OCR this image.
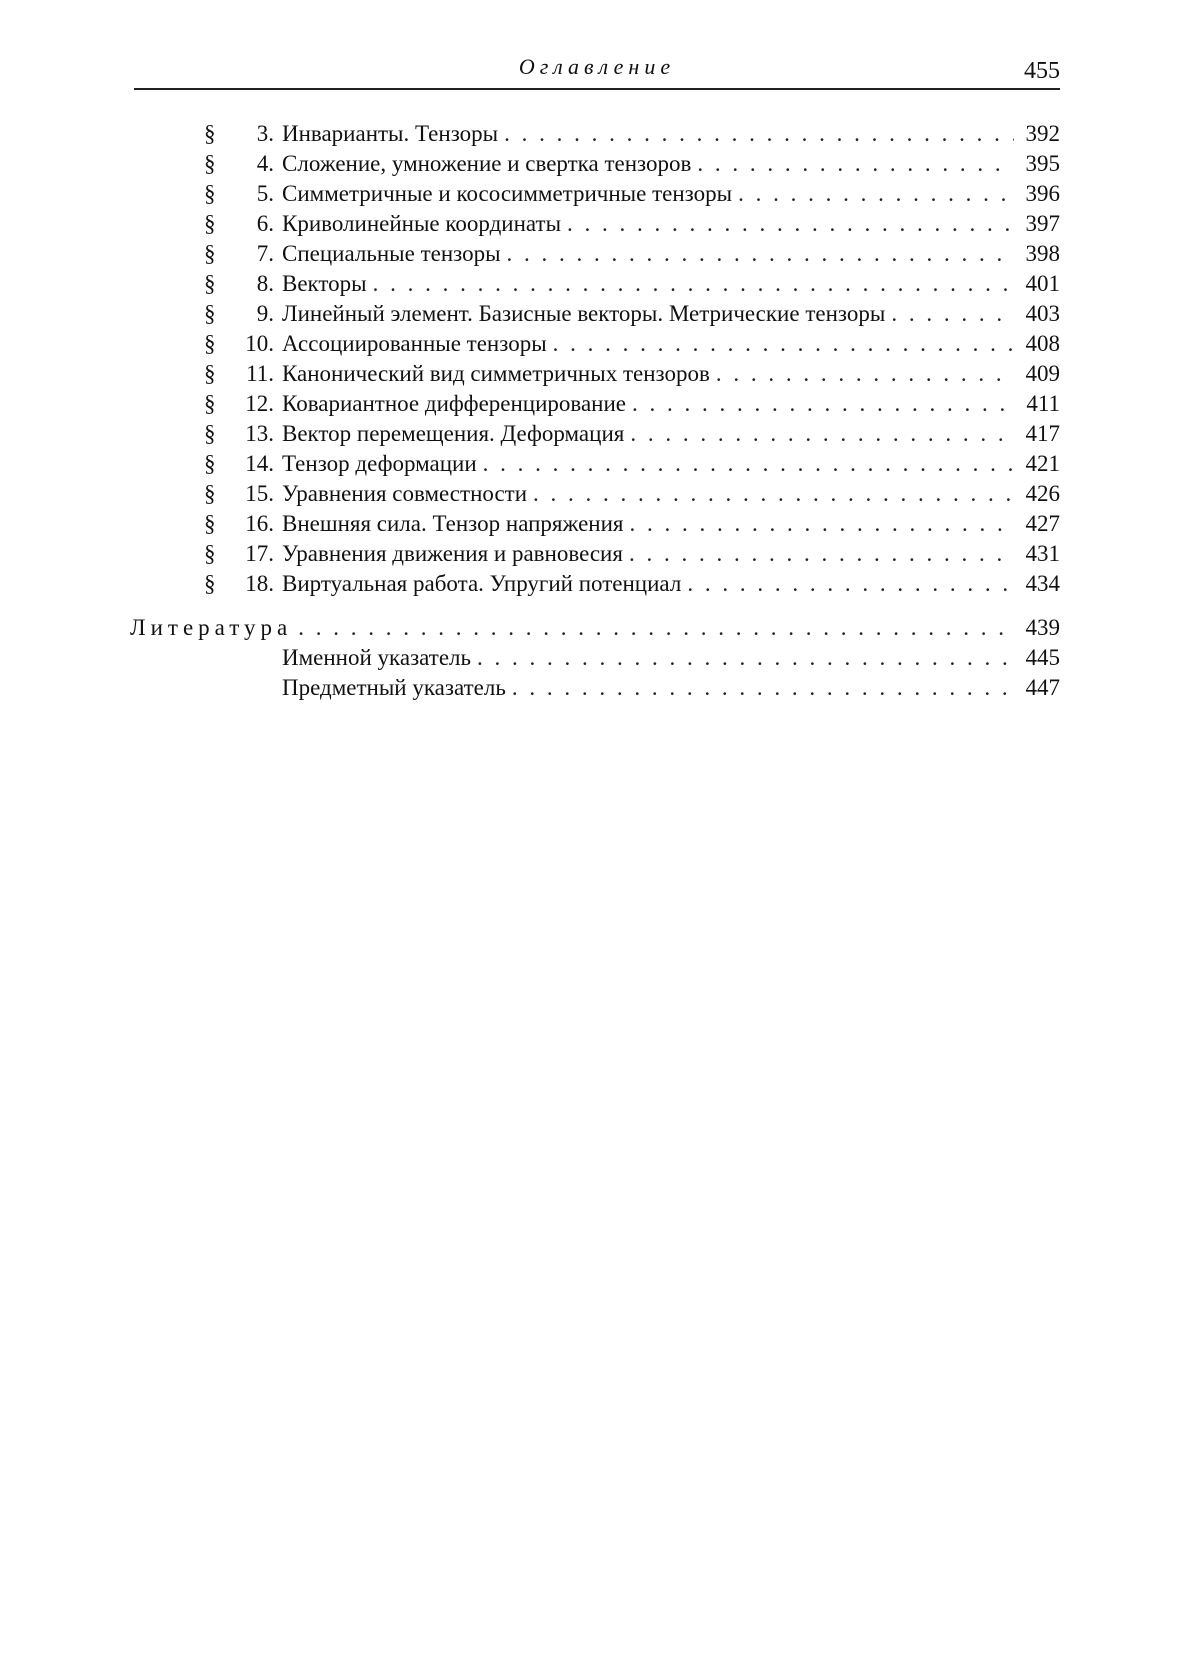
Оглавление	455
§	3. Инварианты. Тензоры . . .	392
§	4. Сложение, умножение и свертка тензоров . . .	395
§	5. Симметричные и кососимметричные тензоры . . .	396
§	6. Криволинейные координаты . . .	397
§	7. Специальные тензоры . . .	398
§	8. Векторы . . .	401
§	9. Линейный элемент. Базисные векторы. Метрические тензоры . . .	403
§	10. Ассоциированные тензоры . . .	408
§	11. Канонический вид симметричных тензоров . . .	409
§	12. Ковариантное дифференцирование . . .	411
§	13. Вектор перемещения. Деформация . . .	417
§	14. Тензор деформации . . .	421
§	15. Уравнения совместности . . .	426
§	16. Внешняя сила. Тензор напряжения . . .	427
§	17. Уравнения движения и равновесия . . .	431
§	18. Виртуальная работа. Упругий потенциал . . .	434
Литература . . .	439
Именной указатель . . .	445
Предметный указатель . . .	447
